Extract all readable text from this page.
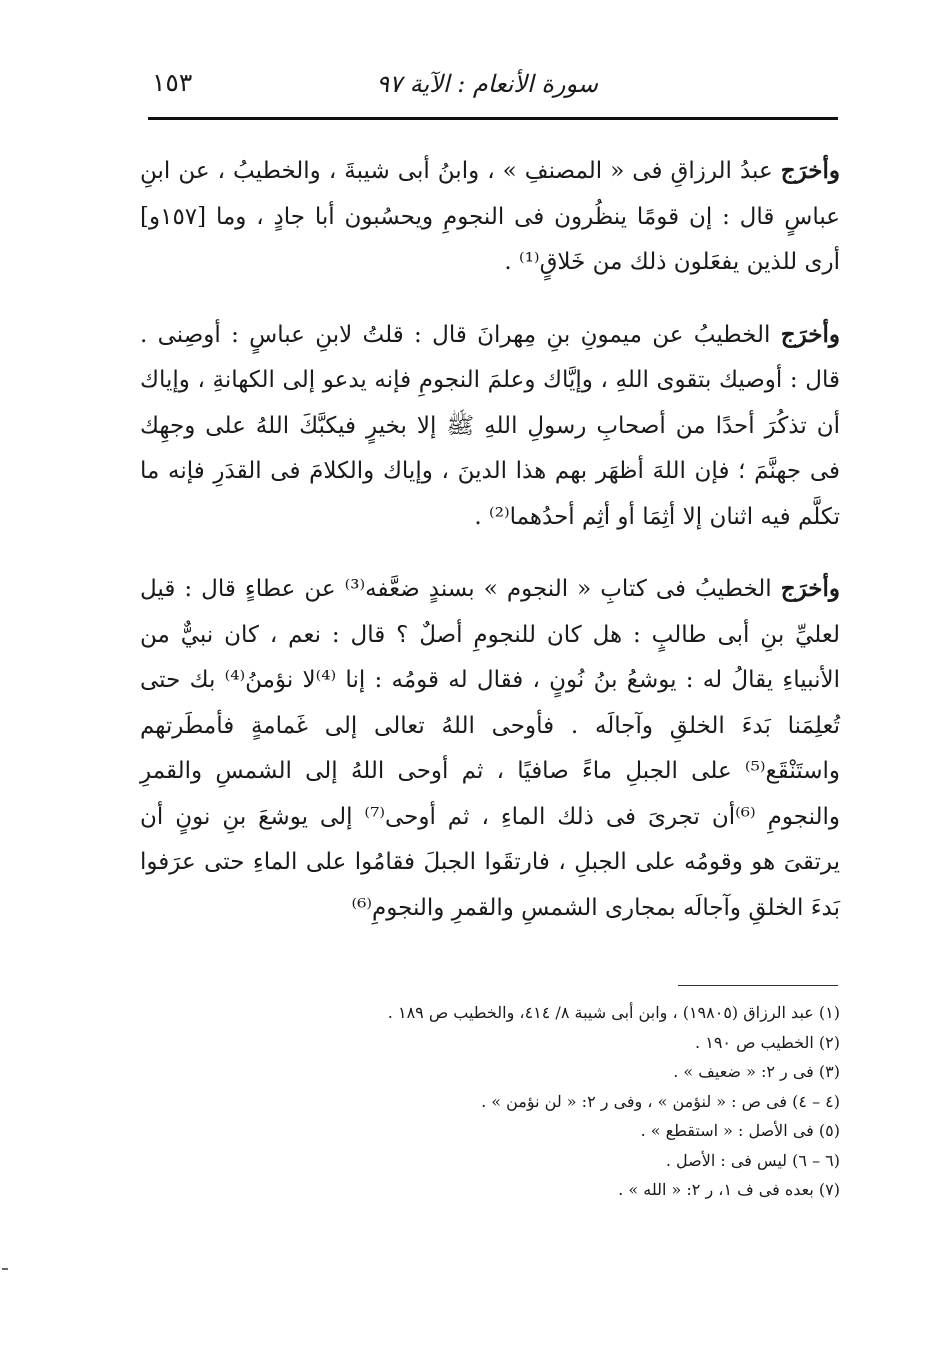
سورة الأنعام : الآية ٩٧
١٥٣

وأخرَج عبدُ الرزاقِ فى « المصنفِ » ، وابنُ أبى شيبةَ ، والخطيبُ ، عن ابنِ عباسٍ قال : إن قومًا ينظُرون فى النجومِ ويحسُبون أبا جادٍ ، وما [١٥٧و] أرى للذين يفعَلون ذلك من خَلاقٍ⁽¹⁾ .

وأخرَج الخطيبُ عن ميمونِ بنِ مِهرانَ قال : قلتُ لابنِ عباسٍ : أوصِنى . قال : أوصيك بتقوى اللهِ ، وإيَّاك وعلمَ النجومِ فإنه يدعو إلى الكهانةِ ، وإياك أن تذكُرَ أحدًا من أصحابِ رسولِ اللهِ ﷺ إلا بخيرٍ فيكبَّكَ اللهُ على وجهِك فى جهنَّمَ ؛ فإن اللهَ أظهَر بهم هذا الدينَ ، وإياك والكلامَ فى القدَرِ فإنه ما تكلَّم فيه اثنان إلا أثِمَا أو أثِم أحدُهما⁽²⁾ .

وأخرَج الخطيبُ فى كتابِ « النجوم » بسندٍ ضعَّفه⁽³⁾ عن عطاءٍ قال : قيل لعليِّ بنِ أبى طالبٍ : هل كان للنجومِ أصلٌ ؟ قال : نعم ، كان نبيٌّ من الأنبياءِ يقالُ له : يوشعُ بنُ نُونٍ ، فقال له قومُه : إنا ⁽⁴⁾لا نؤمنُ⁽⁴⁾ بك حتى تُعلِمَنا بَدءَ الخلقِ وآجالَه . فأوحى اللهُ تعالى إلى غَمامةٍ فأمطَرتهم واستَنْقَع⁽⁵⁾ على الجبلِ ماءً صافيًا ، ثم أوحى اللهُ إلى الشمسِ والقمرِ والنجومِ ⁽⁶⁾أن تجرىَ فى ذلك الماءِ ، ثم أوحى⁽⁷⁾ إلى يوشعَ بنِ نونٍ أن يرتقىَ هو وقومُه على الجبلِ ، فارتقَوا الجبلَ فقامُوا على الماءِ حتى عرَفوا بَدءَ الخلقِ وآجالَه بمجارى الشمسِ والقمرِ والنجومِ⁽⁶⁾

(١) عبد الرزاق (١٩٨٠٥) ، وابن أبى شيبة ٨/ ٤١٤، والخطيب ص ١٨٩ .
(٢) الخطيب ص ١٩٠ .
(٣) فى ر ٢: « ضعيف » .
(٤ – ٤) فى ص : « لنؤمن » ، وفى ر ٢: « لن نؤمن » .
(٥) فى الأصل : « استقطع » .
(٦ – ٦) ليس فى : الأصل .
(٧) بعده فى ف ١، ر ٢: « الله » .
